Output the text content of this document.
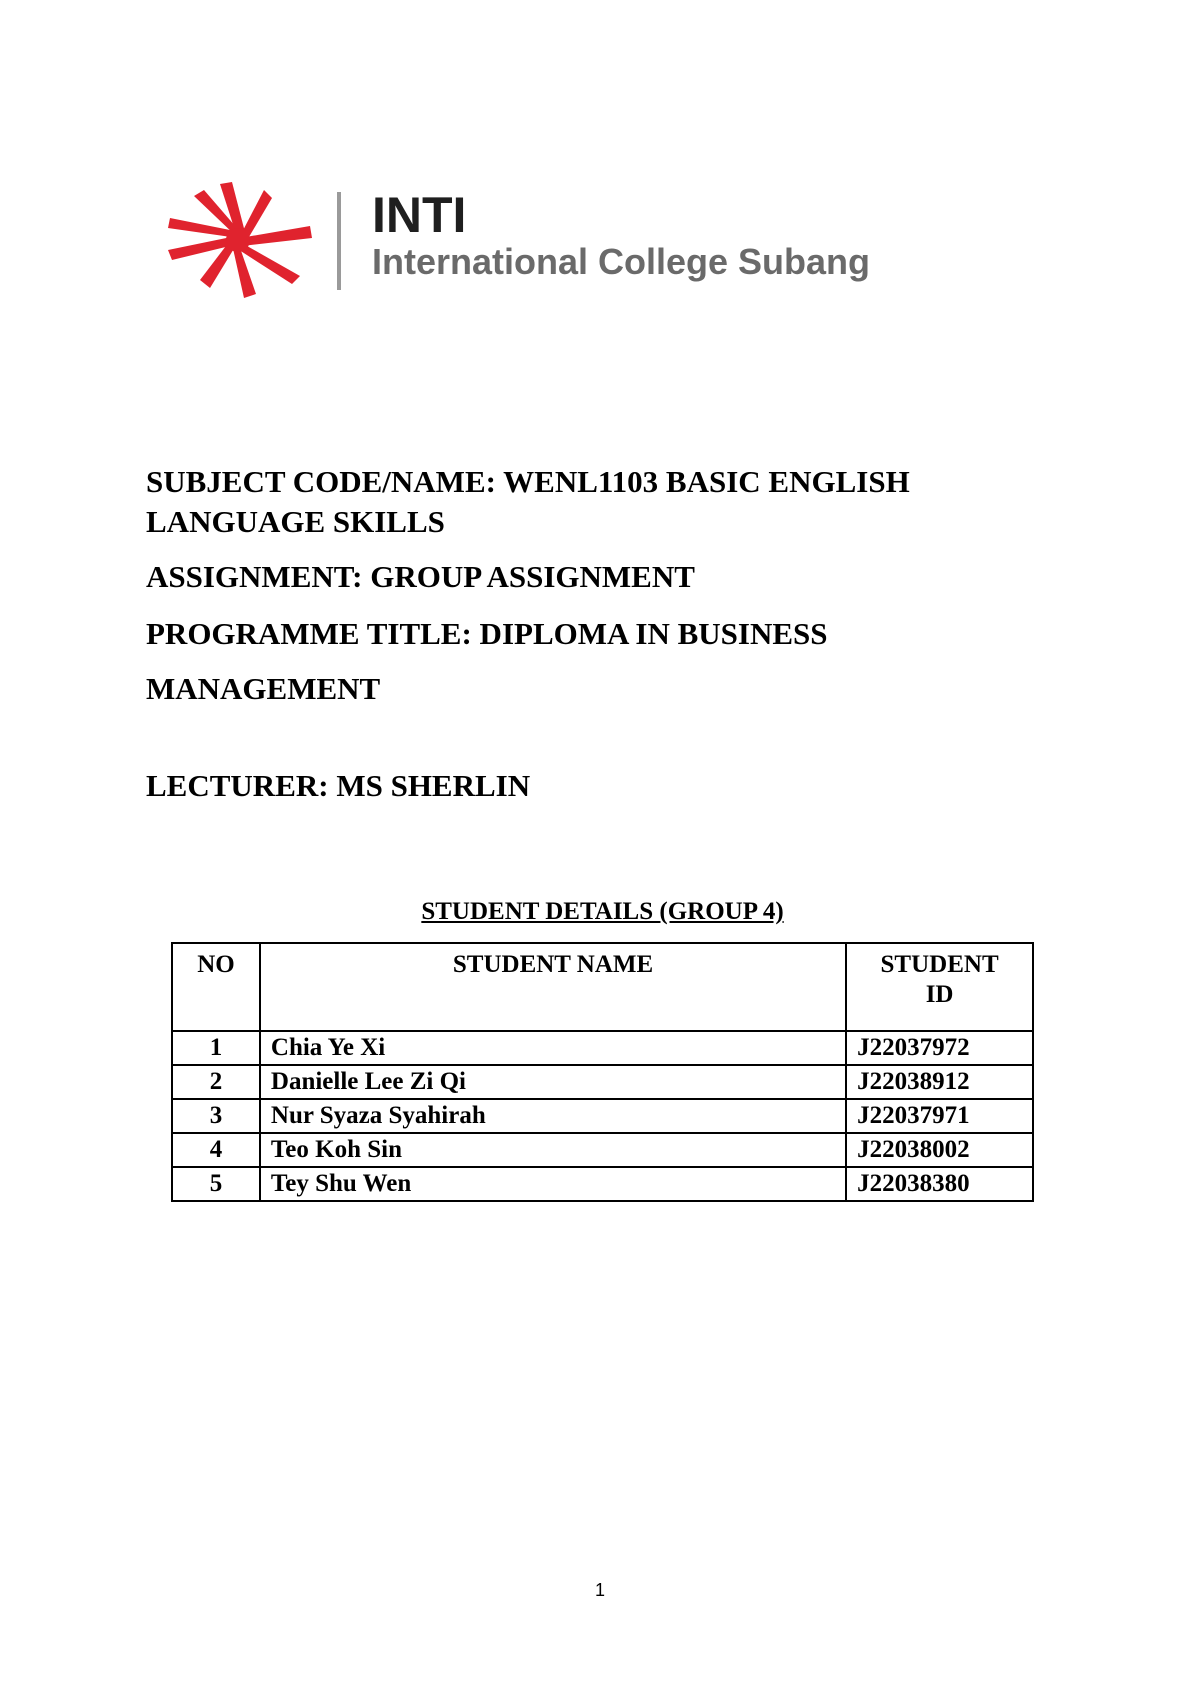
INTI
International College Subang
SUBJECT CODE/NAME: WENL1103 BASIC ENGLISH
LANGUAGE SKILLS
ASSIGNMENT: GROUP ASSIGNMENT
PROGRAMME TITLE: DIPLOMA IN BUSINESS
MANAGEMENT
LECTURER: MS SHERLIN
STUDENT DETAILS (GROUP 4)
NO	STUDENT NAME	STUDENT
ID
1	Chia Ye Xi	J22037972
2	Danielle Lee Zi Qi	J22038912
3	Nur Syaza Syahirah	J22037971
4	Teo Koh Sin	J22038002
5	Tey Shu Wen	J22038380
1
